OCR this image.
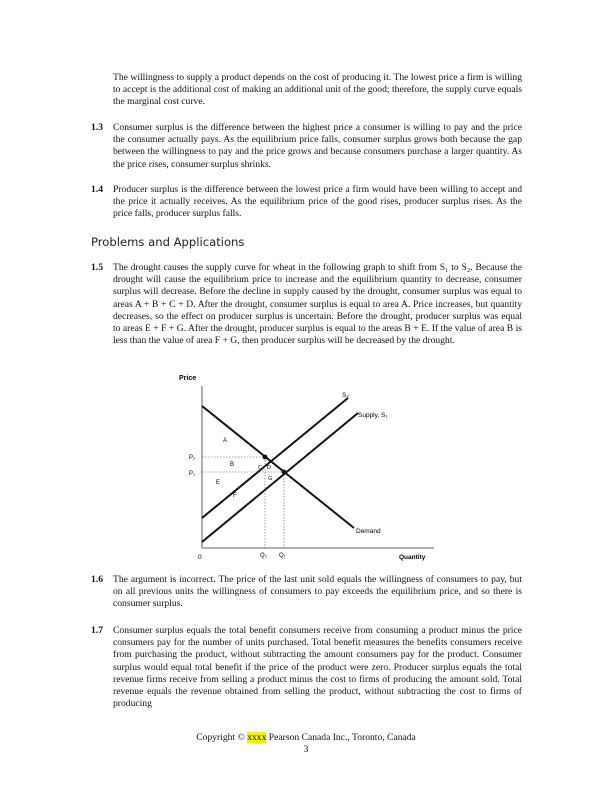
The willingness to supply a product depends on the cost of producing it. The lowest price a firm is willing to accept is the additional cost of making an additional unit of the good; therefore, the supply curve equals the marginal cost curve.
1.3 Consumer surplus is the difference between the highest price a consumer is willing to pay and the price the consumer actually pays. As the equilibrium price falls, consumer surplus grows both because the gap between the willingness to pay and the price grows and because consumers purchase a larger quantity. As the price rises, consumer surplus shrinks.
1.4 Producer surplus is the difference between the lowest price a firm would have been willing to accept and the price it actually receives. As the equilibrium price of the good rises, producer surplus rises. As the price falls, producer surplus falls.
Problems and Applications
1.5 The drought causes the supply curve for wheat in the following graph to shift from S₁ to S₂. Because the drought will cause the equilibrium price to increase and the equilibrium quantity to decrease, consumer surplus will decrease. Before the decline in supply caused by the drought, consumer surplus was equal to areas A + B + C + D. After the drought, consumer surplus is equal to area A. Price increases, but quantity decreases, so the effect on producer surplus is uncertain. Before the drought, producer surplus was equal to areas E + F + G. After the drought, producer surplus is equal to the areas B + E. If the value of area B is less than the value of area F + G, then producer surplus will be decreased by the drought.
Price
Quantity
0
S₂
Supply, S₁
Demand
P₂
P₁
Q₂ Q₁
A
B	C D
G
E
F
1.6 The argument is incorrect. The price of the last unit sold equals the willingness of consumers to pay, but on all previous units the willingness of consumers to pay exceeds the equilibrium price, and so there is consumer surplus.
1.7 Consumer surplus equals the total benefit consumers receive from consuming a product minus the price consumers pay for the number of units purchased. Total benefit measures the benefits consumers receive from purchasing the product, without subtracting the amount consumers pay for the product. Consumer surplus would equal total benefit if the price of the product were zero. Producer surplus equals the total revenue firms receive from selling a product minus the cost to firms of producing the amount sold. Total revenue equals the revenue obtained from selling the product, without subtracting the cost to firms of producing
Copyright © xxxx Pearson Canada Inc., Toronto, Canada
3
